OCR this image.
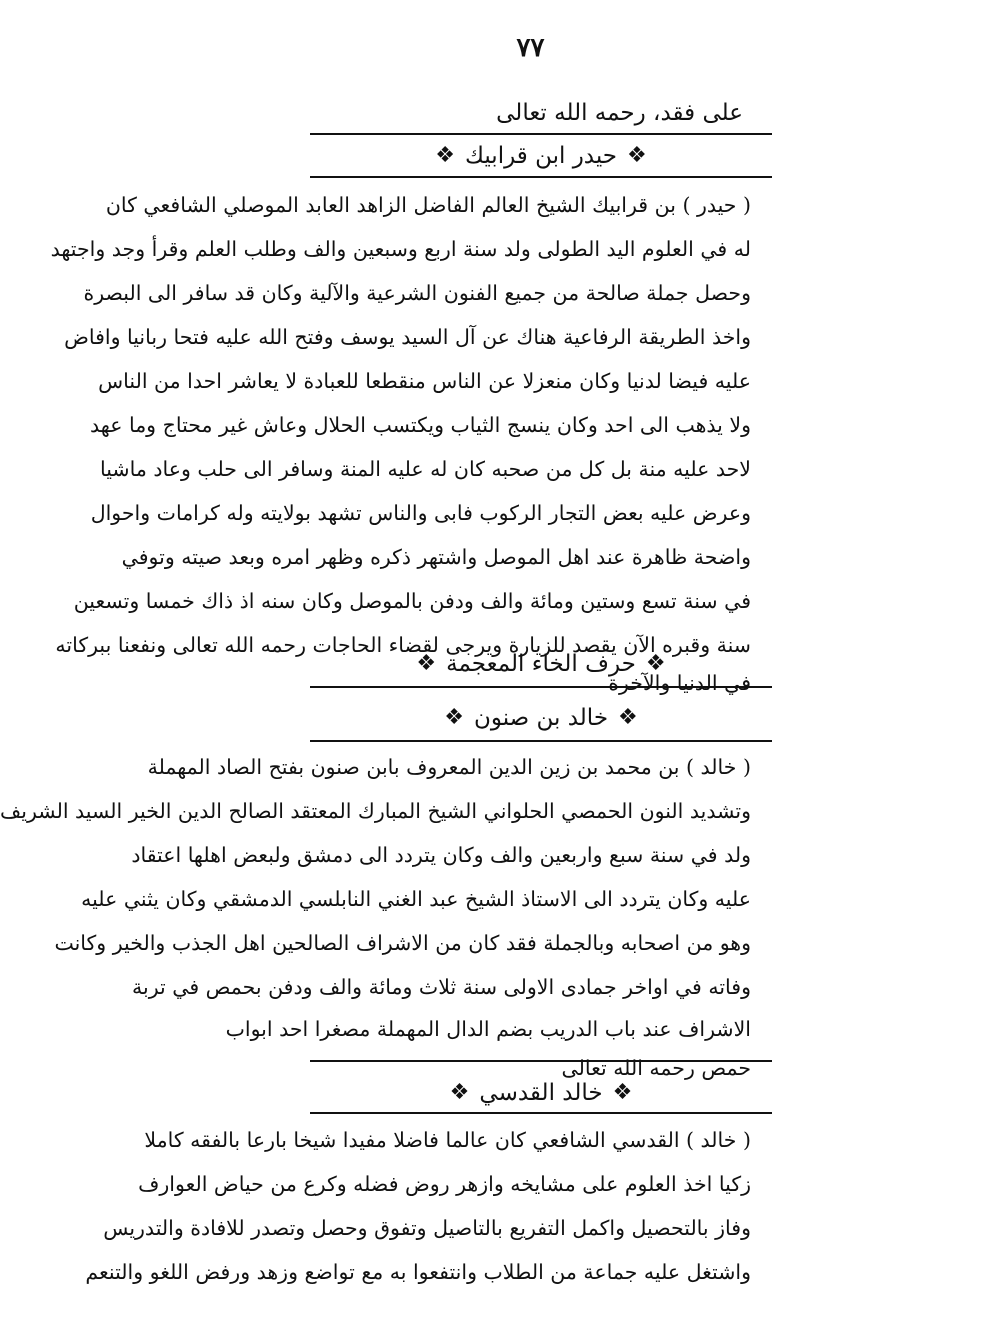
٧٧
على فقد، رحمه الله تعالى
❖حيدر ابن قرابيك❖
( حيدر ) بن قرابيك الشيخ العالم الفاضل الزاهد العابد الموصلي الشافعي كان
له في العلوم اليد الطولى ولد سنة اربع وسبعين والف وطلب العلم وقرأ وجد واجتهد
وحصل جملة صالحة من جميع الفنون الشرعية والآلية وكان قد سافر الى البصرة
واخذ الطريقة الرفاعية هناك عن آل السيد يوسف وفتح الله عليه فتحا ربانيا وافاض
عليه فيضا لدنيا وكان منعزلا عن الناس منقطعا للعبادة لا يعاشر احدا من الناس
ولا يذهب الى احد وكان ينسج الثياب ويكتسب الحلال وعاش غير محتاج وما عهد
لاحد عليه منة بل كل من صحبه كان له عليه المنة وسافر الى حلب وعاد ماشيا
وعرض عليه بعض التجار الركوب فابى والناس تشهد بولايته وله كرامات واحوال
واضحة ظاهرة عند اهل الموصل واشتهر ذكره وظهر امره وبعد صيته وتوفي
في سنة تسع وستين ومائة والف ودفن بالموصل وكان سنه اذ ذاك خمسا وتسعين
سنة وقبره الآن يقصد للزيارة ويرجى لقضاء الحاجات رحمه الله تعالى ونفعنا ببركاته
في الدنيا والآخرة
❖حرف الخاء المعجمة❖
❖خالد بن صنون❖
( خالد ) بن محمد بن زين الدين المعروف بابن صنون بفتح الصاد المهملة
وتشديد النون الحمصي الحلواني الشيخ المبارك المعتقد الصالح الدين الخير السيد الشريف
ولد في سنة سبع واربعين والف وكان يتردد الى دمشق ولبعض اهلها اعتقاد
عليه وكان يتردد الى الاستاذ الشيخ عبد الغني النابلسي الدمشقي وكان يثني عليه
وهو من اصحابه وبالجملة فقد كان من الاشراف الصالحين اهل الجذب والخير وكانت
وفاته في اواخر جمادى الاولى سنة ثلاث ومائة والف ودفن بحمص في تربة
الاشراف عند باب الدريب بضم الدال المهملة مصغرا احد ابواب
حمص رحمه الله تعالى
❖خالد القدسي❖
( خالد ) القدسي الشافعي كان عالما فاضلا مفيدا شيخا بارعا بالفقه كاملا
زكيا اخذ العلوم على مشايخه وازهر روض فضله وكرع من حياض العوارف
وفاز بالتحصيل واكمل التفريع بالتاصيل وتفوق وحصل وتصدر للافادة والتدريس
واشتغل عليه جماعة من الطلاب وانتفعوا به مع تواضع وزهد ورفض اللغو والتنعم
